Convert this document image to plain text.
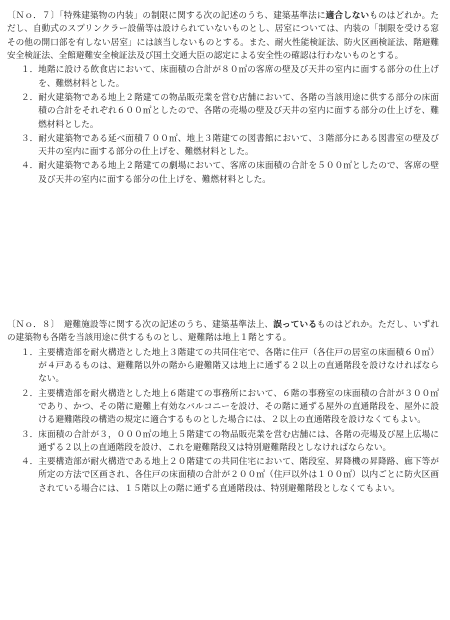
〔Ｎｏ．７〕「特殊建築物の内装」の制限に関する次の記述のうち、建築基準法に適合しないものはどれか。ただし、自動式のスプリンクラー設備等は設けられていないものとし、居室については、内装の「制限を受ける窓その他の開口部を有しない居室」には該当しないものとする。また、耐火性能検証法、防火区画検証法、階避難安全検証法、全館避難安全検証法及び国土交通大臣の認定による安全性の確認は行わないものとする。

１． 地階に設ける飲食店において、床面積の合計が８０㎡の客席の壁及び天井の室内に面する部分の仕上げを、難燃材料とした。
２． 耐火建築物である地上２階建ての物品販売業を営む店舗において、各階の当該用途に供する部分の床面積の合計をそれぞれ６００㎡としたので、各階の売場の壁及び天井の室内に面する部分の仕上げを、難燃材料とした。
３． 耐火建築物である延べ面積７００㎡、地上３階建ての図書館において、３階部分にある図書室の壁及び天井の室内に面する部分の仕上げを、難燃材料とした。
４． 耐火建築物である地上２階建ての劇場において、客席の床面積の合計を５００㎡としたので、客席の壁及び天井の室内に面する部分の仕上げを、難燃材料とした。

〔Ｎｏ．８〕　 避難施設等に関する次の記述のうち、建築基準法上、誤っているものはどれか。ただし、いずれの建築物も各階を当該用途に供するものとし、避難階は地上１階とする。

１． 主要構造部を耐火構造とした地上３階建ての共同住宅で、各階に住戸（各住戸の居室の床面積６０㎡）が４戸あるものは、避難階以外の階から避難階又は地上に通ずる２以上の直通階段を設けなければならない。
２． 主要構造部を耐火構造とした地上６階建ての事務所において、６階の事務室の床面積の合計が３００㎡であり、かつ、その階に避難上有効なバルコニーを設け、その階に通ずる屋外の直通階段を、屋外に設ける避難階段の構造の規定に適合するものとした場合には、２以上の直通階段を設けなくてもよい。
３． 床面積の合計が３，０００㎡の地上５階建ての物品販売業を営む店舗には、各階の売場及び屋上広場に通ずる２以上の直通階段を設け、これを避難階段又は特別避難階段としなければならない。
４． 主要構造部が耐火構造である地上２０階建ての共同住宅において、階段室、昇降機の昇降路、廊下等が所定の方法で区画され、各住戸の床面積の合計が２００㎡（住戸以外は１００㎡）以内ごとに防火区画されている場合には、１５階以上の階に通ずる直通階段は、特別避難階段としなくてもよい。
